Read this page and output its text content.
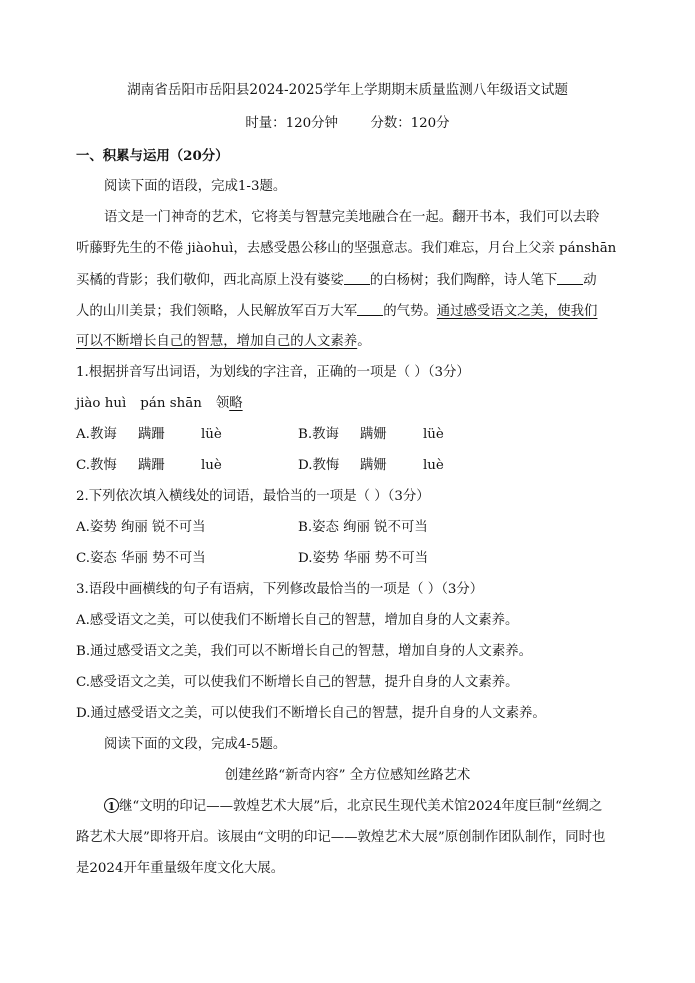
湖南省岳阳市岳阳县2024-2025学年上学期期末质量监测八年级语文试题
时量：120分钟 分数：120分
一、积累与运用（20分）
阅读下面的语段，完成1-3题。
语文是一门神奇的艺术，它将美与智慧完美地融合在一起。翻开书本，我们可以去聆
听藤野先生的不倦 jiàohuì，去感受愚公移山的坚强意志。我们难忘，月台上父亲 pánshān
买橘的背影；我们敬仰，西北高原上没有婆娑 的白杨树；我们陶醉，诗人笔下 动
人的山川美景；我们领略，人民解放军百万大军 的气势。通过感受语文之美，使我们
可以不断增长自己的智慧，增加自己的人文素养。
1.根据拼音写出词语，为划线的字注音，正确的一项是（ ）（3分）
jiào huì pán shān 领略
A.教诲 蹒跚	lüè	B.教诲 蹒姗	lüè
C.教悔 蹒跚	luè	D.教悔 蹒姗	luè
2.下列依次填入横线处的词语，最恰当的一项是（ ）（3分）
A.姿势 绚丽 锐不可当	B.姿态 绚丽 锐不可当
C.姿态 华丽 势不可当	D.姿势 华丽 势不可当
3.语段中画横线的句子有语病，下列修改最恰当的一项是（ ）（3分）
A.感受语文之美，可以使我们不断增长自己的智慧，增加自身的人文素养。
B.通过感受语文之美，我们可以不断增长自己的智慧，增加自身的人文素养。
C.感受语文之美，可以使我们不断增长自己的智慧，提升自身的人文素养。
D.通过感受语文之美，可以使我们不断增长自己的智慧，提升自身的人文素养。
阅读下面的文段，完成4-5题。
创建丝路“新奇内容” 全方位感知丝路艺术
1 继“文明的印记——敦煌艺术大展”后，北京民生现代美术馆2024年度巨制“丝绸之
路艺术大展”即将开启。该展由“文明的印记——敦煌艺术大展”原创制作团队制作，同时也
是2024开年重量级年度文化大展。
